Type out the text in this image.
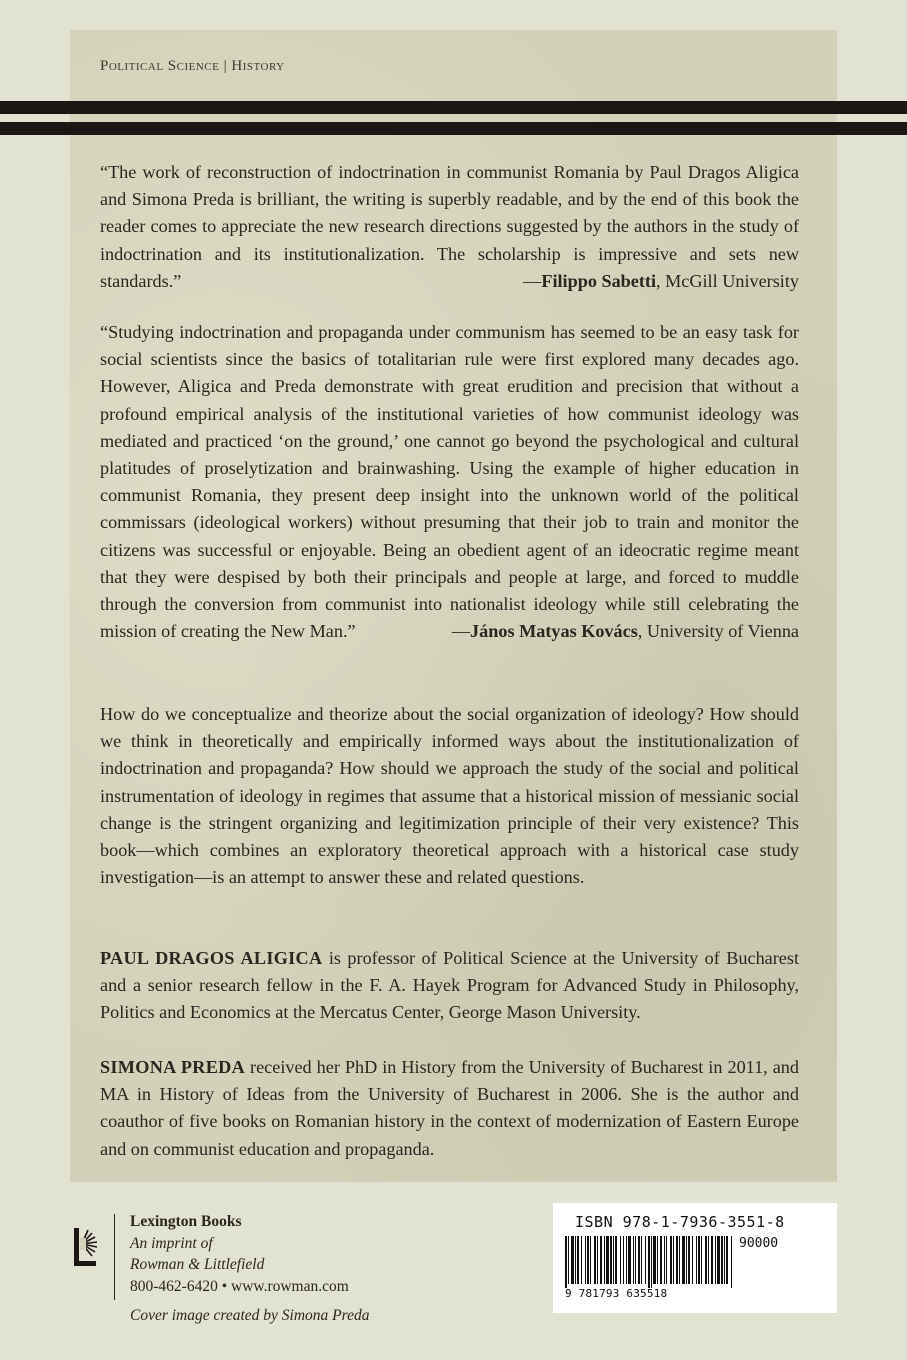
Political Science | History

“The work of reconstruction of indoctrination in communist Romania by Paul Dragos Aligica and Simona Preda is brilliant, the writing is superbly readable, and by the end of this book the reader comes to appreciate the new research directions suggested by the authors in the study of indoctrination and its institutionalization. The scholarship is impressive and sets new standards.”	—Filippo Sabetti, McGill University

“Studying indoctrination and propaganda under communism has seemed to be an easy task for social scientists since the basics of totalitarian rule were first explored many decades ago. However, Aligica and Preda demonstrate with great erudition and precision that without a profound empirical analysis of the institutional varieties of how communist ideology was mediated and practiced ‘on the ground,’ one cannot go beyond the psychological and cultural platitudes of proselytization and brainwashing. Using the example of higher education in communist Romania, they present deep insight into the unknown world of the political commissars (ideological workers) without presuming that their job to train and monitor the citizens was successful or enjoyable. Being an obedient agent of an ideocratic regime meant that they were despised by both their principals and people at large, and forced to muddle through the conversion from communist into nationalist ideology while still celebrating the mission of creating the New Man.”	—János Matyas Kovács, University of Vienna

How do we conceptualize and theorize about the social organization of ideology? How should we think in theoretically and empirically informed ways about the institutionalization of indoctrination and propaganda? How should we approach the study of the social and political instrumentation of ideology in regimes that assume that a historical mission of messianic social change is the stringent organizing and legitimization principle of their very existence? This book—which combines an exploratory theoretical approach with a historical case study investigation—is an attempt to answer these and related questions.

PAUL DRAGOS ALIGICA is professor of Political Science at the University of Bucharest and a senior research fellow in the F. A. Hayek Program for Advanced Study in Philosophy, Politics and Economics at the Mercatus Center, George Mason University.

SIMONA PREDA received her PhD in History from the University of Bucharest in 2011, and MA in History of Ideas from the University of Bucharest in 2006. She is the author and coauthor of five books on Romanian history in the context of modernization of Eastern Europe and on communist education and propaganda.

Lexington Books
An imprint of
Rowman & Littlefield
800-462-6420 • www.rowman.com
Cover image created by Simona Preda
ISBN 978-1-7936-3551-8
90000
9 781793 635518
